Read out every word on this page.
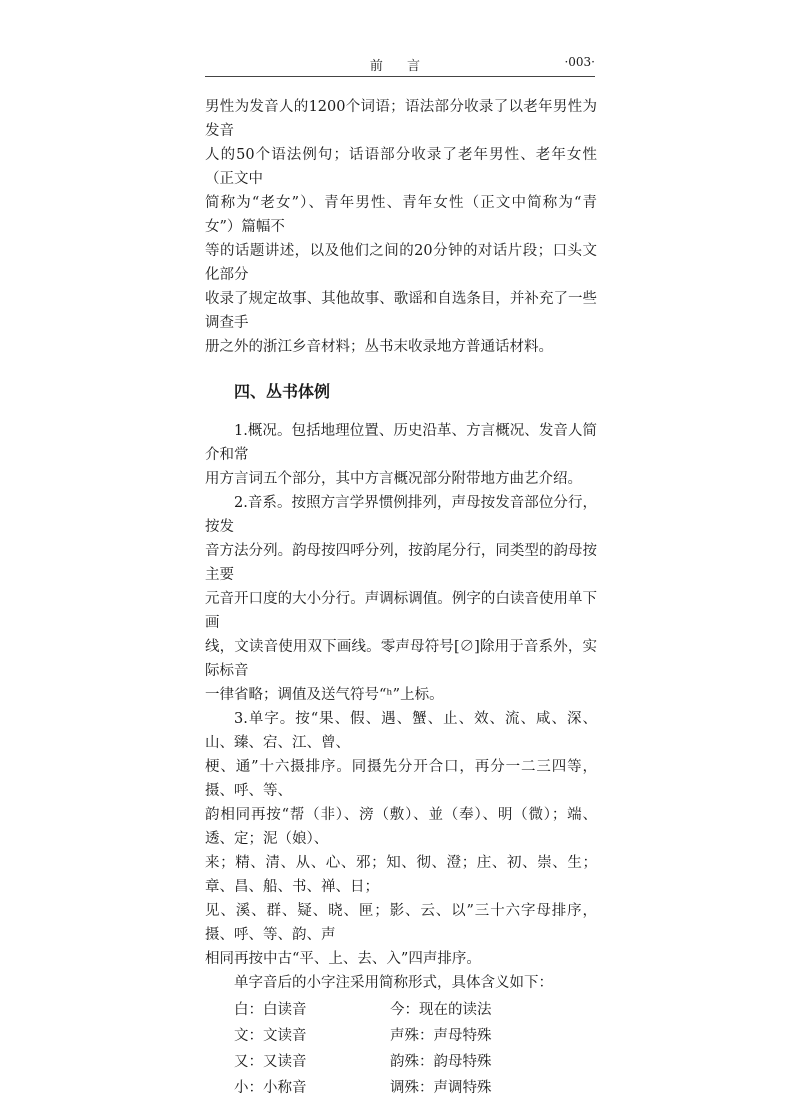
前 言	·003·

男性为发音人的1200个词语；语法部分收录了以老年男性为发音
人的50个语法例句；话语部分收录了老年男性、老年女性（正文中
简称为“老女”）、青年男性、青年女性（正文中简称为“青女”）篇幅不
等的话题讲述，以及他们之间的20分钟的对话片段；口头文化部分
收录了规定故事、其他故事、歌谣和自选条目，并补充了一些调查手
册之外的浙江乡音材料；丛书末收录地方普通话材料。

四、丛书体例

1.概况。包括地理位置、历史沿革、方言概况、发音人简介和常
用方言词五个部分，其中方言概况部分附带地方曲艺介绍。

2.音系。按照方言学界惯例排列，声母按发音部位分行，按发
音方法分列。韵母按四呼分列，按韵尾分行，同类型的韵母按主要
元音开口度的大小分行。声调标调值。例字的白读音使用单下画
线，文读音使用双下画线。零声母符号[∅]除用于音系外，实际标音
一律省略；调值及送气符号“ʰ”上标。

3.单字。按“果、假、遇、蟹、止、效、流、咸、深、山、臻、宕、江、曾、
梗、通”十六摄排序。同摄先分开合口，再分一二三四等，摄、呼、等、
韵相同再按“帮（非）、滂（敷）、並（奉）、明（微）；端、透、定；泥（娘）、
来；精、清、从、心、邪；知、彻、澄；庄、初、崇、生；章、昌、船、书、禅、日；
见、溪、群、疑、晓、匣；影、云、以”三十六字母排序，摄、呼、等、韵、声
相同再按中古“平、上、去、入”四声排序。

单字音后的小字注采用简称形式，具体含义如下：

白：白读音	今：现在的读法
文：文读音	声殊：声母特殊
又：又读音	韵殊：韵母特殊
小：小称音	调殊：声调特殊
